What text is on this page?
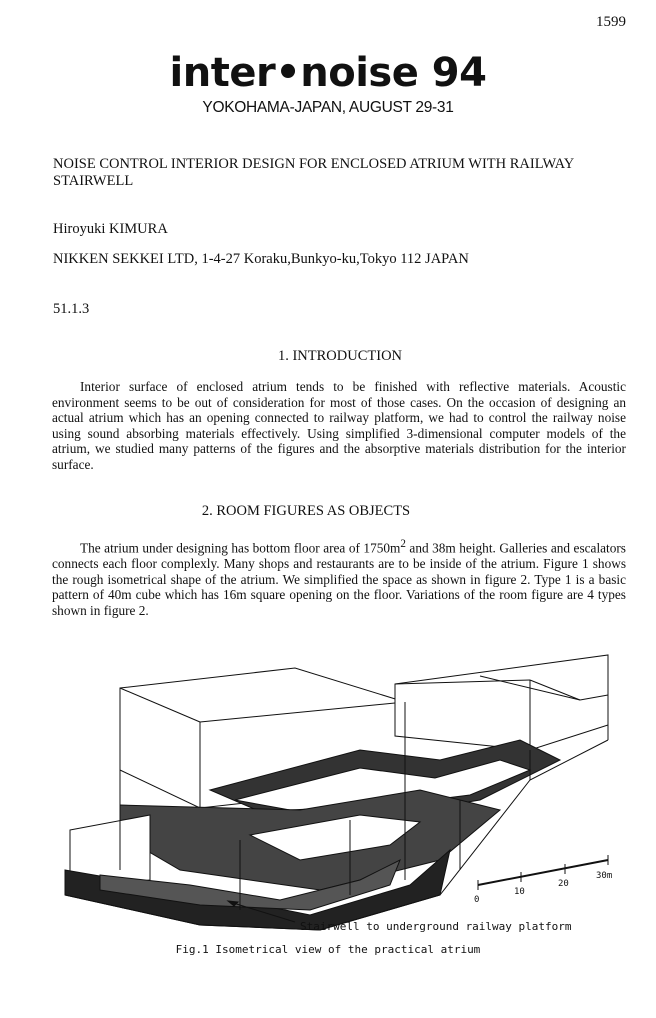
1599
inter•noise 94
YOKOHAMA-JAPAN, AUGUST 29-31
NOISE CONTROL INTERIOR DESIGN FOR ENCLOSED ATRIUM WITH RAILWAY STAIRWELL
Hiroyuki KIMURA
NIKKEN SEKKEI LTD, 1-4-27 Koraku,Bunkyo-ku,Tokyo 112 JAPAN
51.1.3
1. INTRODUCTION
Interior surface of enclosed atrium tends to be finished with reflective materials. Acoustic environment seems to be out of consideration for most of those cases. On the occasion of designing an actual atrium which has an opening connected to railway platform, we had to control the railway noise using sound absorbing materials effectively. Using simplified 3-dimensional computer models of the atrium, we studied many patterns of the figures and the absorptive materials distribution for the interior surface.
2. ROOM FIGURES AS OBJECTS
The atrium under designing has bottom floor area of $1750m^2$ and 38m height. Galleries and escalators connects each floor complexly. Many shops and restaurants are to be inside of the atrium. Figure 1 shows the rough isometrical shape of the atrium. We simplified the space as shown in figure 2. Type 1 is a basic pattern of 40m cube which has 16m square opening on the floor. Variations of the room figure are 4 types shown in figure 2.
0
10
20
30m
Stairwell to underground railway platform
Fig.1 Isometrical view of the practical atrium
